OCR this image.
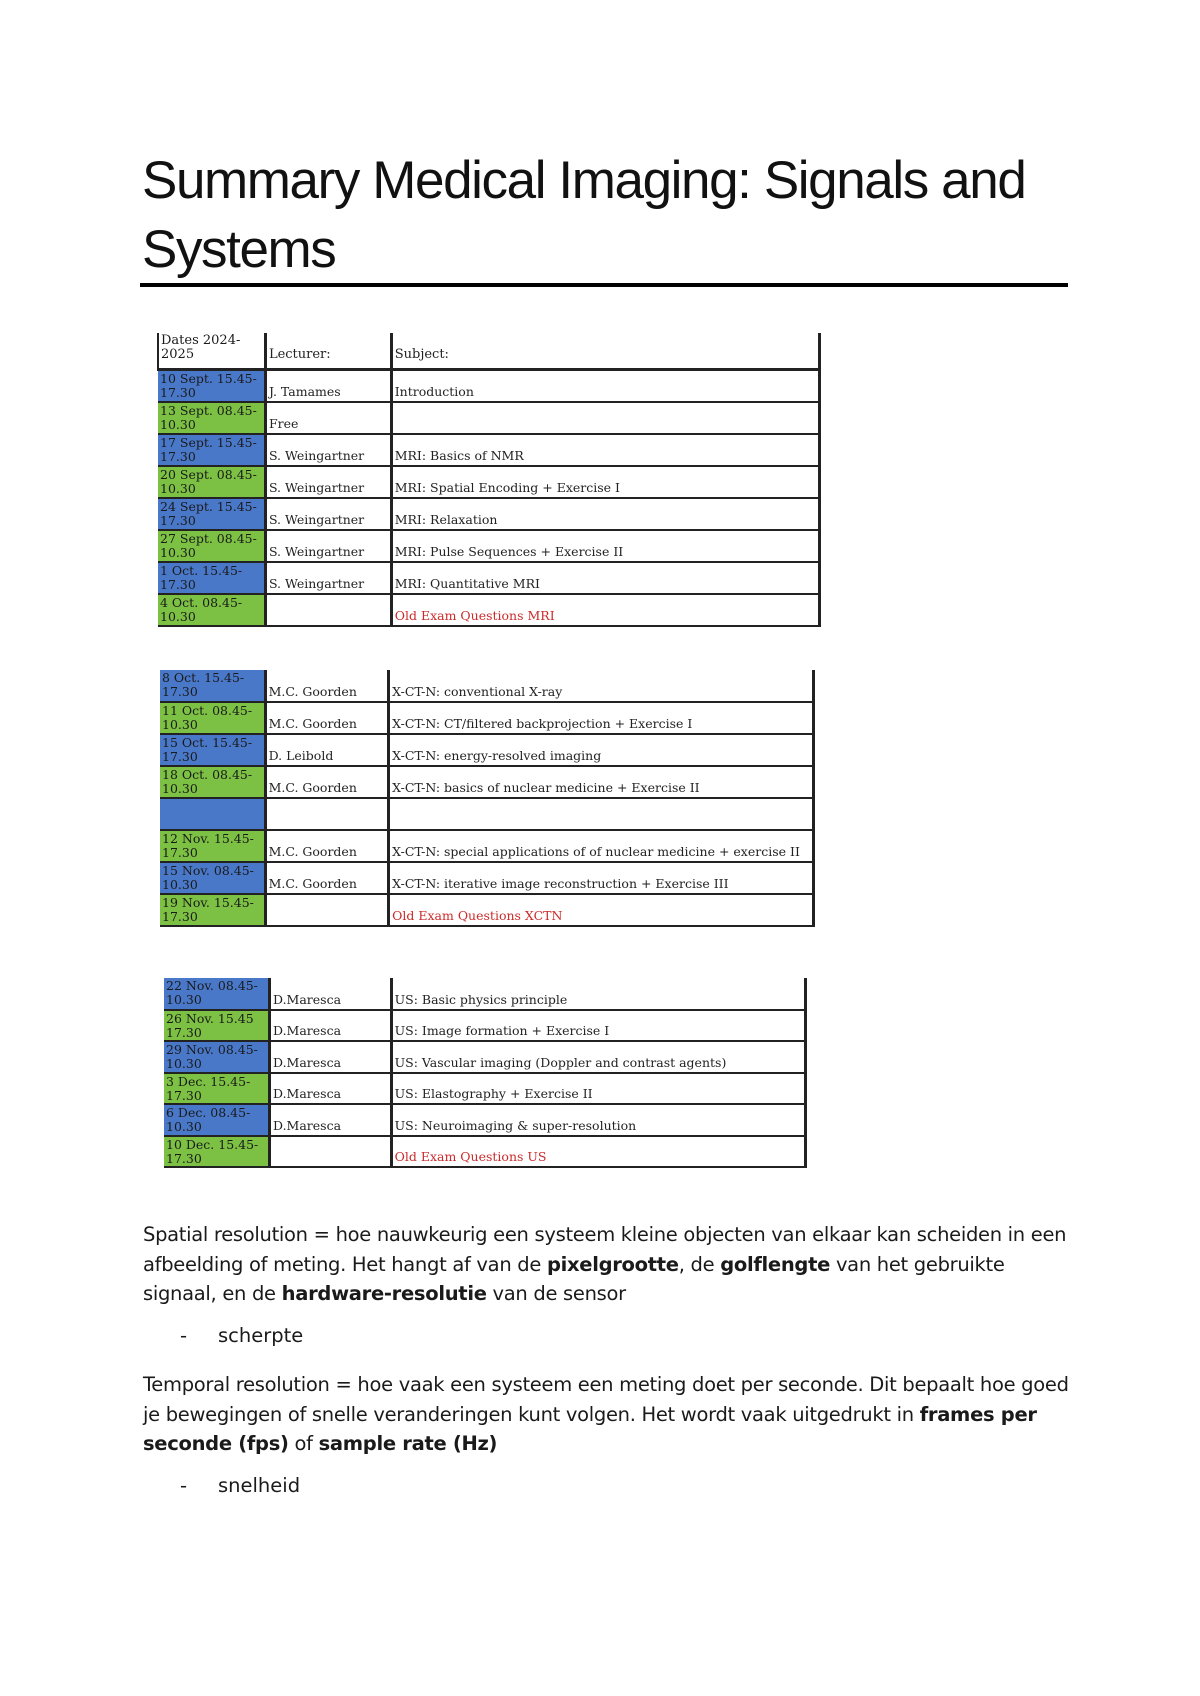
Summary Medical Imaging: Signals and Systems
Dates 2024-2025	Lecturer:	Subject:
10 Sept. 15.45-17.30	J. Tamames	Introduction
13 Sept. 08.45-10.30	Free	
17 Sept. 15.45-17.30	S. Weingartner	MRI: Basics of NMR
20 Sept. 08.45-10.30	S. Weingartner	MRI: Spatial Encoding + Exercise I
24 Sept. 15.45-17.30	S. Weingartner	MRI: Relaxation
27 Sept. 08.45-10.30	S. Weingartner	MRI: Pulse Sequences + Exercise II
1 Oct. 15.45-17.30	S. Weingartner	MRI: Quantitative MRI
4 Oct. 08.45-10.30		Old Exam Questions MRI
8 Oct. 15.45-17.30	M.C. Goorden	X-CT-N: conventional X-ray
11 Oct. 08.45-10.30	M.C. Goorden	X-CT-N: CT/filtered backprojection + Exercise I
15 Oct. 15.45-17.30	D. Leibold	X-CT-N: energy-resolved imaging
18 Oct. 08.45-10.30	M.C. Goorden	X-CT-N: basics of nuclear medicine + Exercise II

12 Nov. 15.45-17.30	M.C. Goorden	X-CT-N: special applications of of nuclear medicine + exercise II
15 Nov. 08.45-10.30	M.C. Goorden	X-CT-N: iterative image reconstruction + Exercise III
19 Nov. 15.45-17.30		Old Exam Questions XCTN
22 Nov. 08.45-10.30	D.Maresca	US: Basic physics principle
26 Nov. 15.45 17.30	D.Maresca	US: Image formation + Exercise I
29 Nov. 08.45-10.30	D.Maresca	US: Vascular imaging (Doppler and contrast agents)
3 Dec. 15.45-17.30	D.Maresca	US: Elastography + Exercise II
6 Dec. 08.45-10.30	D.Maresca	US: Neuroimaging & super-resolution
10 Dec. 15.45-17.30		Old Exam Questions US
Spatial resolution = hoe nauwkeurig een systeem kleine objecten van elkaar kan scheiden in een afbeelding of meting. Het hangt af van de pixelgrootte, de golflengte van het gebruikte signaal, en de hardware-resolutie van de sensor
- scherpte
Temporal resolution = hoe vaak een systeem een meting doet per seconde. Dit bepaalt hoe goed je bewegingen of snelle veranderingen kunt volgen. Het wordt vaak uitgedrukt in frames per seconde (fps) of sample rate (Hz)
- snelheid
